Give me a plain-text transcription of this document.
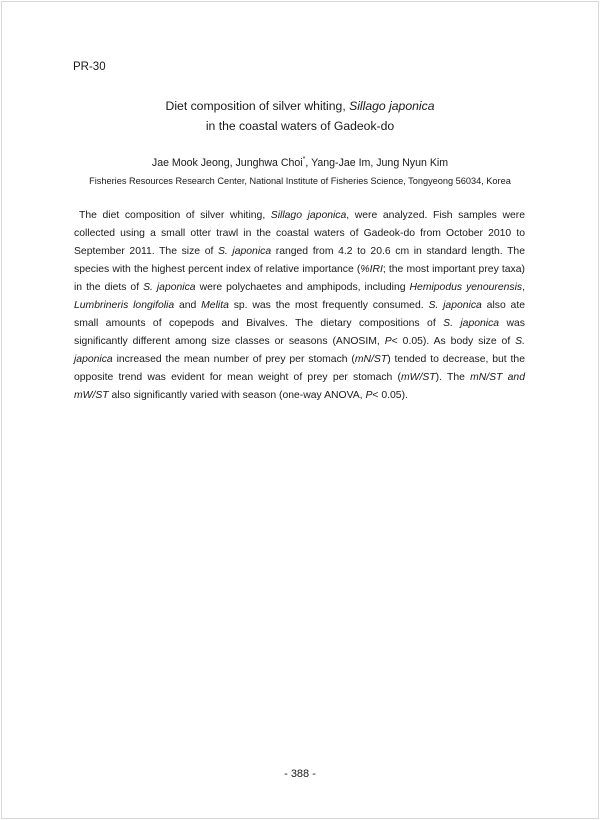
PR-30
Diet composition of silver whiting, Sillago japonica
in the coastal waters of Gadeok-do
Jae Mook Jeong, Junghwa Choi*, Yang-Jae Im, Jung Nyun Kim
Fisheries Resources Research Center, National Institute of Fisheries Science, Tongyeong 56034, Korea

The diet composition of silver whiting, Sillago japonica, were analyzed. Fish samples were collected using a small otter trawl in the coastal waters of Gadeok-do from October 2010 to September 2011. The size of S. japonica ranged from 4.2 to 20.6 cm in standard length. The species with the highest percent index of relative importance (%IRI; the most important prey taxa) in the diets of S. japonica were polychaetes and amphipods, including Hemipodus yenourensis, Lumbrineris longifolia and Melita sp. was the most frequently consumed. S. japonica also ate small amounts of copepods and Bivalves. The dietary compositions of S. japonica was significantly different among size classes or seasons (ANOSIM, P< 0.05). As body size of S. japonica increased the mean number of prey per stomach (mN/ST) tended to decrease, but the opposite trend was evident for mean weight of prey per stomach (mW/ST). The mN/ST and mW/ST also significantly varied with season (one-way ANOVA, P< 0.05).

- 388 -
